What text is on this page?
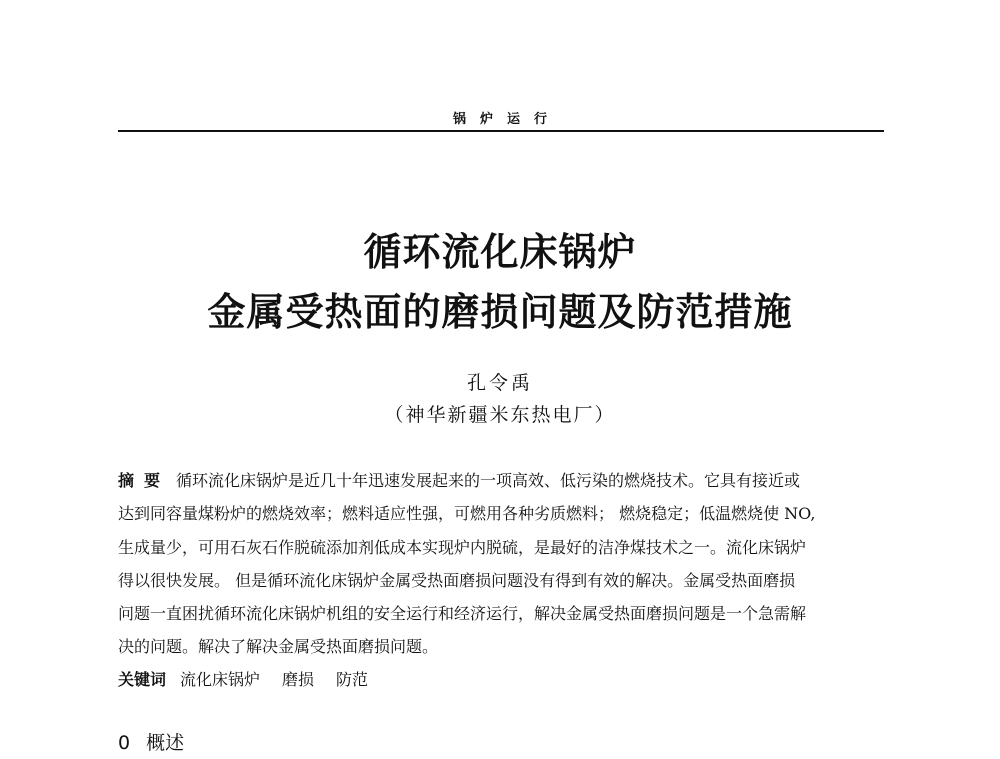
锅炉运行
循环流化床锅炉
金属受热面的磨损问题及防范措施
孔令禹
（神华新疆米东热电厂）
摘要 循环流化床锅炉是近几十年迅速发展起来的一项高效、低污染的燃烧技术。它具有接近或
达到同容量煤粉炉的燃烧效率；燃料适应性强，可燃用各种劣质燃料； 燃烧稳定；低温燃烧使 NO,
生成量少，可用石灰石作脱硫添加剂低成本实现炉内脱硫，是最好的洁净煤技术之一。流化床锅炉
得以很快发展。 但是循环流化床锅炉金属受热面磨损问题没有得到有效的解决。金属受热面磨损
问题一直困扰循环流化床锅炉机组的安全运行和经济运行，解决金属受热面磨损问题是一个急需解
决的问题。解决了解决金属受热面磨损问题。
关键词 流化床锅炉 磨损 防范
0 概述
